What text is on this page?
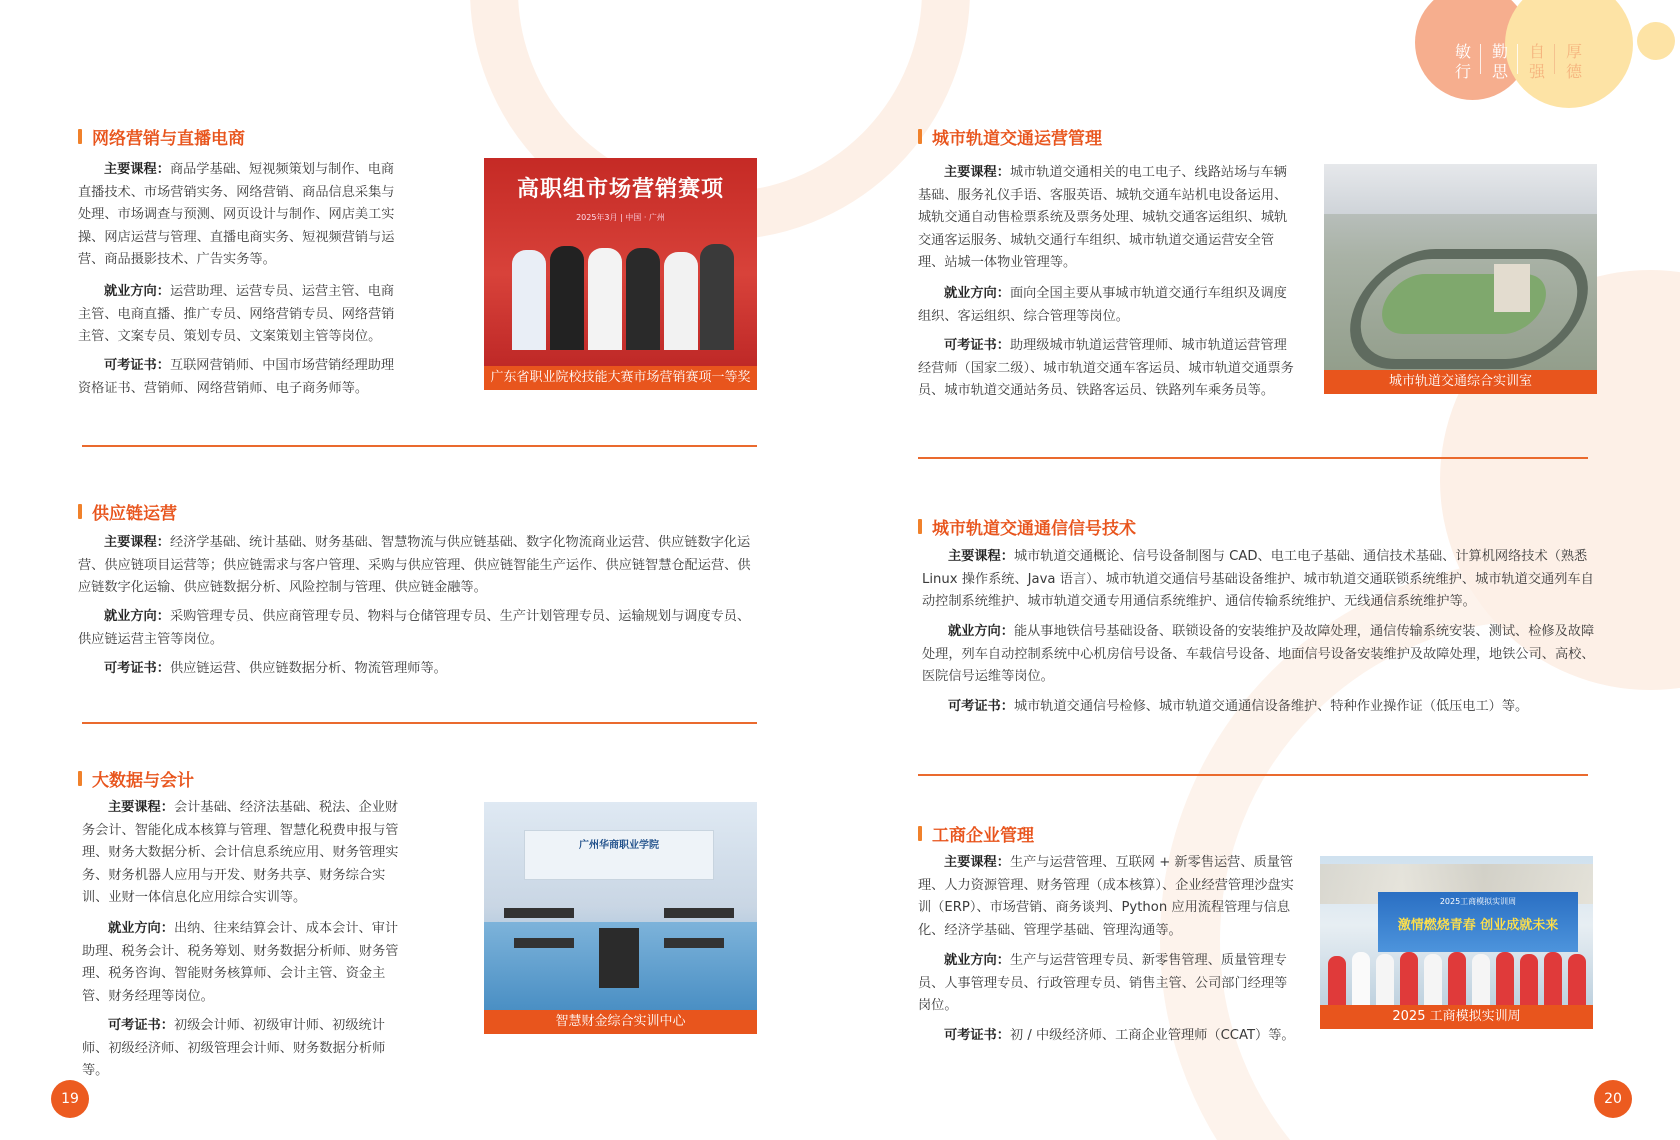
敏行
勤思
自强
厚德
网络营销与直播电商
主要课程：商品学基础、短视频策划与制作、电商直播技术、市场营销实务、网络营销、商品信息采集与处理、市场调查与预测、网页设计与制作、网店美工实操、网店运营与管理、直播电商实务、短视频营销与运营、商品摄影技术、广告实务等。
就业方向：运营助理、运营专员、运营主管、电商主管、电商直播、推广专员、网络营销专员、网络营销主管、文案专员、策划专员、文案策划主管等岗位。
可考证书：互联网营销师、中国市场营销经理助理资格证书、营销师、网络营销师、电子商务师等。
高职组市场营销赛项
2025年3月 | 中国 · 广州
广东省职业院校技能大赛市场营销赛项一等奖
供应链运营
主要课程：经济学基础、统计基础、财务基础、智慧物流与供应链基础、数字化物流商业运营、供应链数字化运营、供应链项目运营等；供应链需求与客户管理、采购与供应管理、供应链智能生产运作、供应链智慧仓配运营、供应链数字化运输、供应链数据分析、风险控制与管理、供应链金融等。
就业方向：采购管理专员、供应商管理专员、物料与仓储管理专员、生产计划管理专员、运输规划与调度专员、供应链运营主管等岗位。
可考证书：供应链运营、供应链数据分析、物流管理师等。
大数据与会计
主要课程：会计基础、经济法基础、税法、企业财务会计、智能化成本核算与管理、智慧化税费申报与管理、财务大数据分析、会计信息系统应用、财务管理实务、财务机器人应用与开发、财务共享、财务综合实训、业财一体信息化应用综合实训等。
就业方向：出纳、往来结算会计、成本会计、审计助理、税务会计、税务筹划、财务数据分析师、财务管理、税务咨询、智能财务核算师、会计主管、资金主管、财务经理等岗位。
可考证书：初级会计师、初级审计师、初级统计师、初级经济师、初级管理会计师、财务数据分析师等。
广州华商职业学院
智慧财金综合实训中心
19
城市轨道交通运营管理
主要课程：城市轨道交通相关的电工电子、线路站场与车辆基础、服务礼仪手语、客服英语、城轨交通车站机电设备运用、城轨交通自动售检票系统及票务处理、城轨交通客运组织、城轨交通客运服务、城轨交通行车组织、城市轨道交通运营安全管理、站城一体物业管理等。
就业方向：面向全国主要从事城市轨道交通行车组织及调度组织、客运组织、综合管理等岗位。
可考证书：助理级城市轨道运营管理师、城市轨道运营管理经营师（国家二级）、城市轨道交通车客运员、城市轨道交通票务员、城市轨道交通站务员、铁路客运员、铁路列车乘务员等。
城市轨道交通综合实训室
城市轨道交通通信信号技术
主要课程：城市轨道交通概论、信号设备制图与 CAD、电工电子基础、通信技术基础、计算机网络技术（熟悉 Linux 操作系统、Java 语言）、城市轨道交通信号基础设备维护、城市轨道交通联锁系统维护、城市轨道交通列车自动控制系统维护、城市轨道交通专用通信系统维护、通信传输系统维护、无线通信系统维护等。
就业方向：能从事地铁信号基础设备、联锁设备的安装维护及故障处理，通信传输系统安装、测试、检修及故障处理，列车自动控制系统中心机房信号设备、车载信号设备、地面信号设备安装维护及故障处理，地铁公司、高校、医院信号运维等岗位。
可考证书：城市轨道交通信号检修、城市轨道交通通信设备维护、特种作业操作证（低压电工）等。
工商企业管理
主要课程：生产与运营管理、互联网 + 新零售运营、质量管理、人力资源管理、财务管理（成本核算）、企业经营管理沙盘实训（ERP）、市场营销、商务谈判、Python 应用流程管理与信息化、经济学基础、管理学基础、管理沟通等。
就业方向：生产与运营管理专员、新零售管理、质量管理专员、人事管理专员、行政管理专员、销售主管、公司部门经理等岗位。
可考证书：初 / 中级经济师、工商企业管理师（CCAT）等。
2025工商模拟实训周
激情燃烧青春 创业成就未来
2025 工商模拟实训周
20
